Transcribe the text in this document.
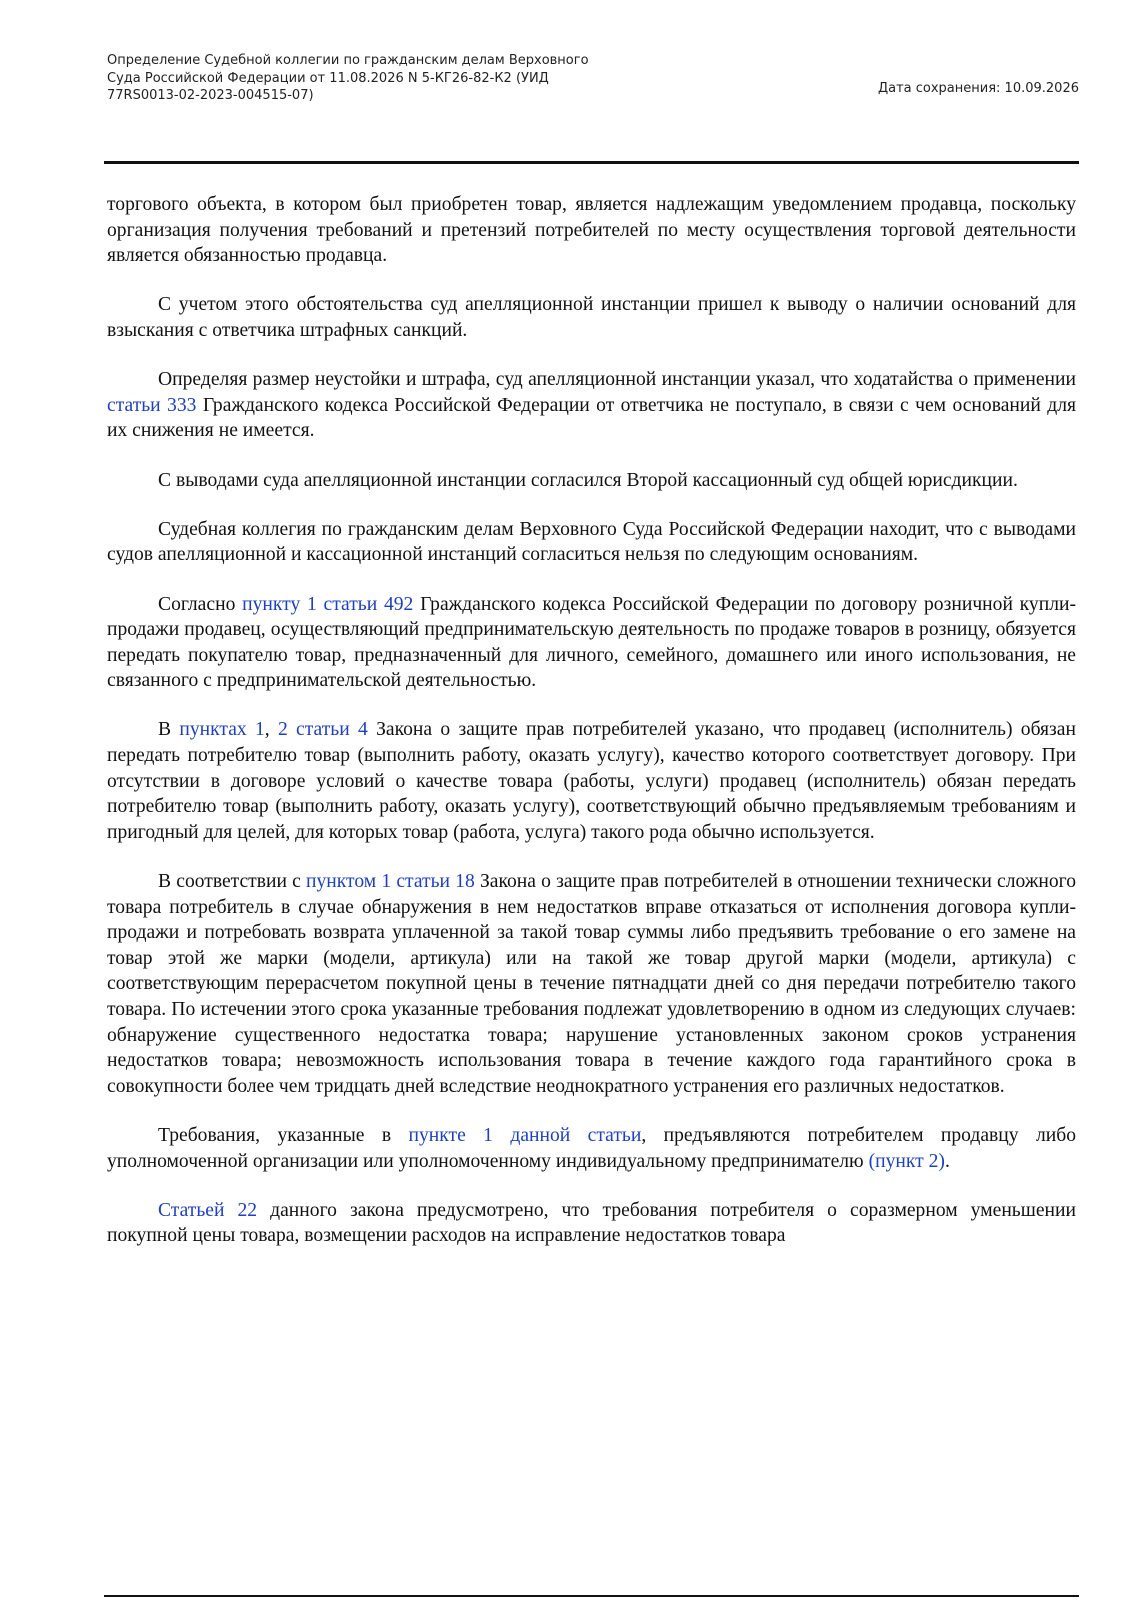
Определение Судебной коллегии по гражданским делам Верховного
Суда Российской Федерации от 11.08.2026 N 5-КГ26-82-К2 (УИД
77RS0013-02-2023-004515-07)	Дата сохранения: 10.09.2026

торгового объекта, в котором был приобретен товар, является надлежащим уведомлением продавца, поскольку организация получения требований и претензий потребителей по месту осуществления торговой деятельности является обязанностью продавца.

С учетом этого обстоятельства суд апелляционной инстанции пришел к выводу о наличии оснований для взыскания с ответчика штрафных санкций.

Определяя размер неустойки и штрафа, суд апелляционной инстанции указал, что ходатайства о применении статьи 333 Гражданского кодекса Российской Федерации от ответчика не поступало, в связи с чем оснований для их снижения не имеется.

С выводами суда апелляционной инстанции согласился Второй кассационный суд общей юрисдикции.

Судебная коллегия по гражданским делам Верховного Суда Российской Федерации находит, что с выводами судов апелляционной и кассационной инстанций согласиться нельзя по следующим основаниям.

Согласно пункту 1 статьи 492 Гражданского кодекса Российской Федерации по договору розничной купли-продажи продавец, осуществляющий предпринимательскую деятельность по продаже товаров в розницу, обязуется передать покупателю товар, предназначенный для личного, семейного, домашнего или иного использования, не связанного с предпринимательской деятельностью.

В пунктах 1, 2 статьи 4 Закона о защите прав потребителей указано, что продавец (исполнитель) обязан передать потребителю товар (выполнить работу, оказать услугу), качество которого соответствует договору. При отсутствии в договоре условий о качестве товара (работы, услуги) продавец (исполнитель) обязан передать потребителю товар (выполнить работу, оказать услугу), соответствующий обычно предъявляемым требованиям и пригодный для целей, для которых товар (работа, услуга) такого рода обычно используется.

В соответствии с пунктом 1 статьи 18 Закона о защите прав потребителей в отношении технически сложного товара потребитель в случае обнаружения в нем недостатков вправе отказаться от исполнения договора купли-продажи и потребовать возврата уплаченной за такой товар суммы либо предъявить требование о его замене на товар этой же марки (модели, артикула) или на такой же товар другой марки (модели, артикула) с соответствующим перерасчетом покупной цены в течение пятнадцати дней со дня передачи потребителю такого товара. По истечении этого срока указанные требования подлежат удовлетворению в одном из следующих случаев: обнаружение существенного недостатка товара; нарушение установленных законом сроков устранения недостатков товара; невозможность использования товара в течение каждого года гарантийного срока в совокупности более чем тридцать дней вследствие неоднократного устранения его различных недостатков.

Требования, указанные в пункте 1 данной статьи, предъявляются потребителем продавцу либо уполномоченной организации или уполномоченному индивидуальному предпринимателю (пункт 2).

Статьей 22 данного закона предусмотрено, что требования потребителя о соразмерном уменьшении покупной цены товара, возмещении расходов на исправление недостатков товара
